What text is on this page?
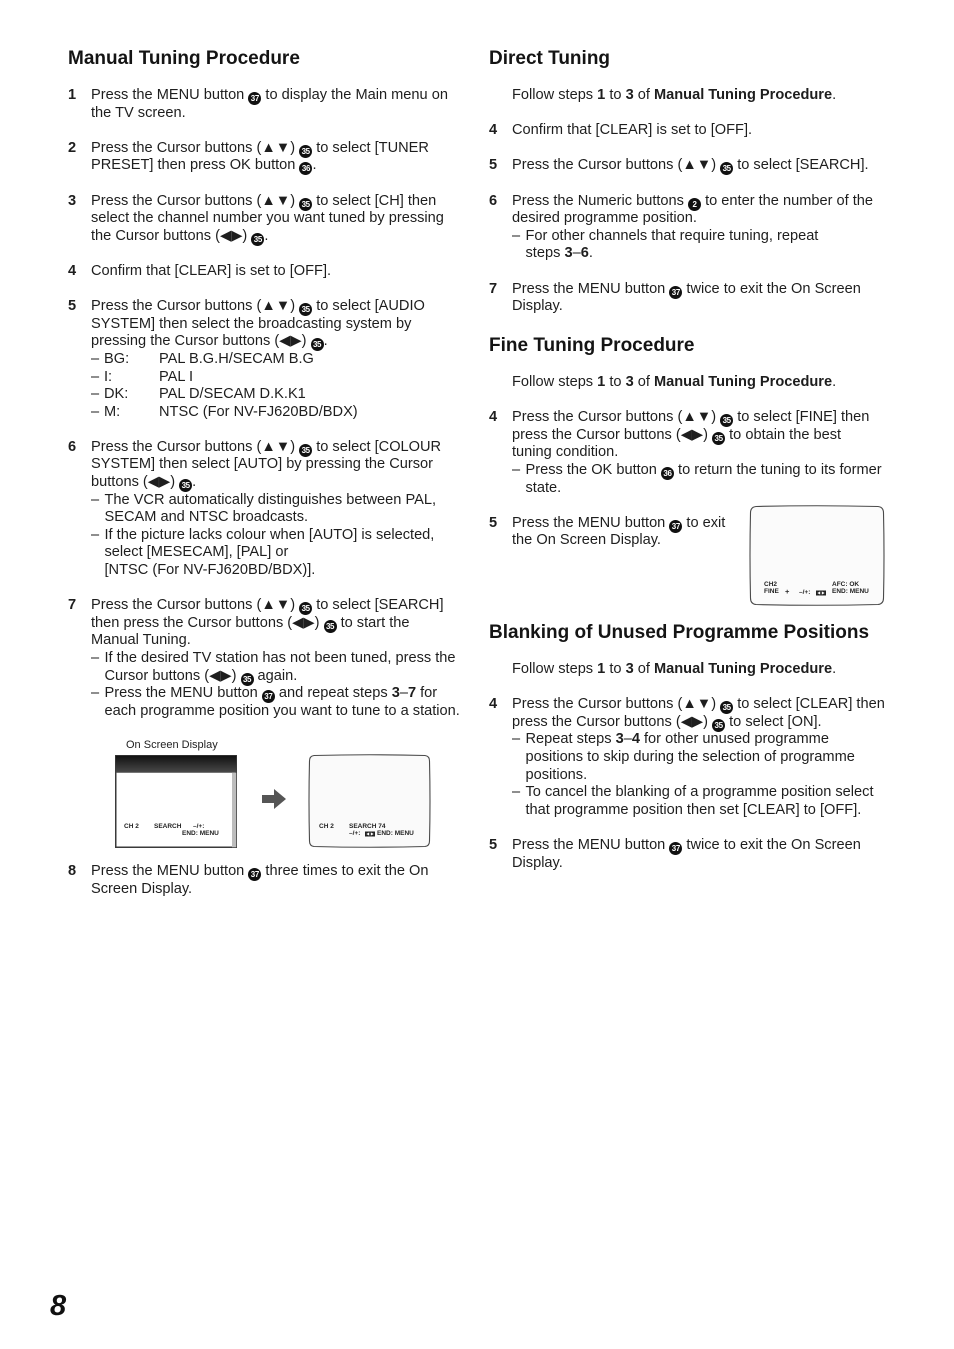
Manual Tuning Procedure
1	Press the MENU button 37 to display the Main menu on
the TV screen.
2	Press the Cursor buttons (▲▼) 35 to select [TUNER
PRESET] then press OK button 36 .
3	Press the Cursor buttons (▲▼) 35 to select [CH] then
select the channel number you want tuned by pressing
the Cursor buttons (◀▶) 35 .
4	Confirm that [CLEAR] is set to [OFF].
5	Press the Cursor buttons (▲▼) 35 to select [AUDIO
SYSTEM] then select the broadcasting system by
pressing the Cursor buttons (◀▶) 35 .
– BG:	PAL B.G.H/SECAM B.G
– I:	PAL I
– DK:	PAL D/SECAM D.K.K1
– M:	NTSC (For NV-FJ620BD/BDX)
6	Press the Cursor buttons (▲▼) 35 to select [COLOUR
SYSTEM] then select [AUTO] by pressing the Cursor
buttons (◀▶) 35 .
– The VCR automatically distinguishes between PAL,
SECAM and NTSC broadcasts.
– If the picture lacks colour when [AUTO] is selected,
select [MESECAM], [PAL] or
[NTSC (For NV-FJ620BD/BDX)].
7	Press the Cursor buttons (▲▼) 35 to select [SEARCH]
then press the Cursor buttons (◀▶) 35 to start the
Manual Tuning.
– If the desired TV station has not been tuned, press the
Cursor buttons (◀▶) 35 again.
– Press the MENU button 37 and repeat steps 3–7 for
each programme position you want to tune to a station.
On Screen Display
CH 2 SEARCH –/+:
END: MENU
CH 2 SEARCH 74
–/+:	END: MENU
8	Press the MENU button 37 three times to exit the On
Screen Display.
Direct Tuning
Follow steps 1 to 3 of Manual Tuning Procedure.
4	Confirm that [CLEAR] is set to [OFF].
5	Press the Cursor buttons (▲▼) 35 to select [SEARCH].
6	Press the Numeric buttons 2 to enter the number of the
desired programme position.
– For other channels that require tuning, repeat
steps 3–6.
7	Press the MENU button 37 twice to exit the On Screen
Display.
Fine Tuning Procedure
Follow steps 1 to 3 of Manual Tuning Procedure.
4	Press the Cursor buttons (▲▼) 35 to select [FINE] then
press the Cursor buttons (◀▶) 35 to obtain the best
tuning condition.
– Press the OK button 36 to return the tuning to its former
state.
5	Press the MENU button 37 to exit
the On Screen Display.
CH2
FINE + –/+:
AFC: OK
END: MENU
Blanking of Unused Programme Positions
Follow steps 1 to 3 of Manual Tuning Procedure.
4	Press the Cursor buttons (▲▼) 35 to select [CLEAR] then
press the Cursor buttons (◀▶) 35 to select [ON].
– Repeat steps 3–4 for other unused programme
positions to skip during the selection of programme
positions.
– To cancel the blanking of a programme position select
that programme position then set [CLEAR] to [OFF].
5	Press the MENU button 37 twice to exit the On Screen
Display.
8
